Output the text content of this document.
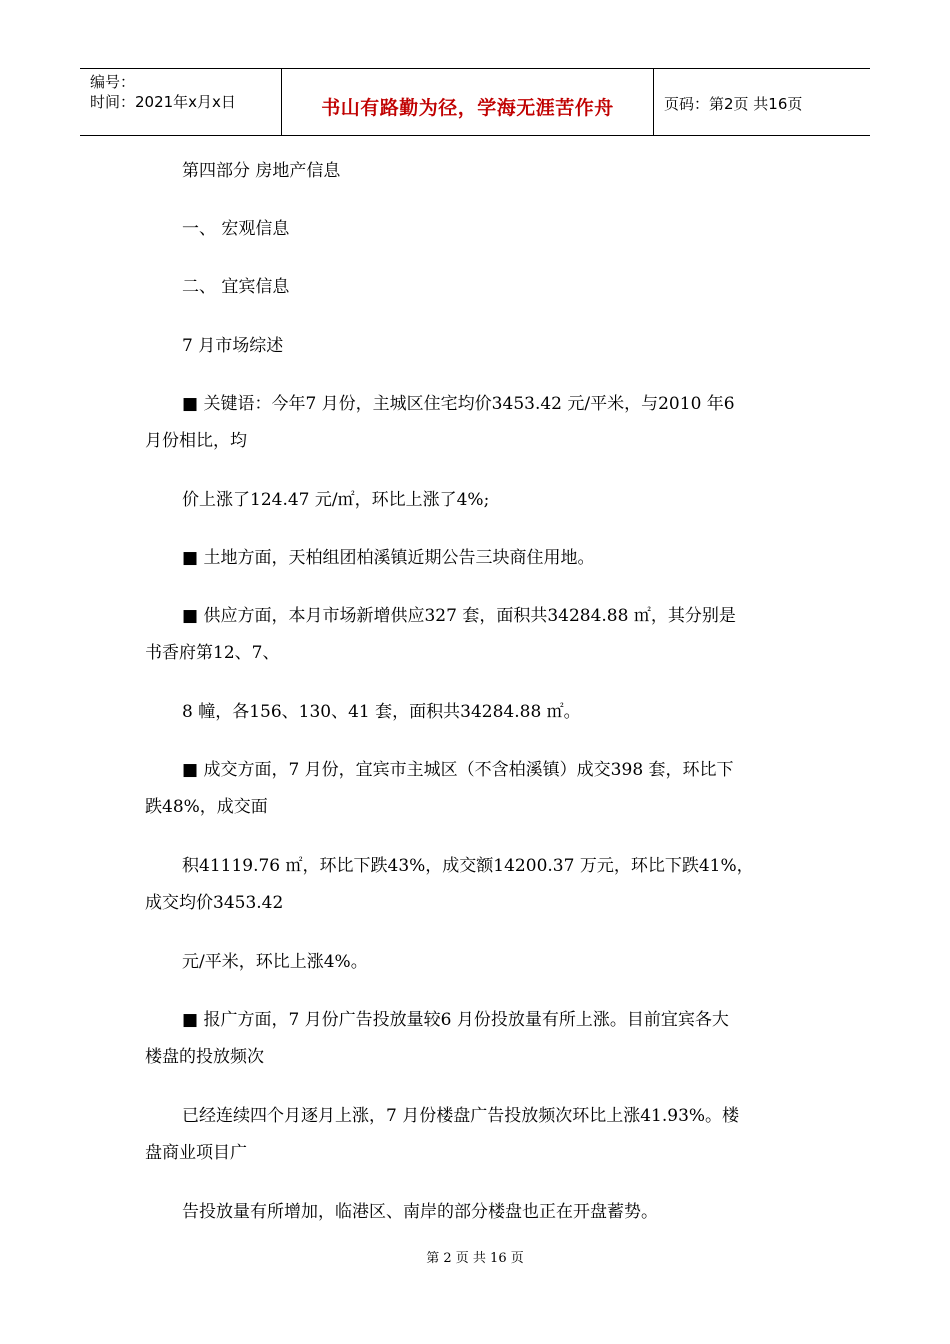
编号：
时间：2021年x月x日	书山有路勤为径，学海无涯苦作舟	页码：第2页 共16页
第四部分 房地产信息
一、 宏观信息
二、 宜宾信息
7 月市场综述
■ 关键语：今年7 月份，主城区住宅均价3453.42 元/平米，与2010 年6
月份相比，均
价上涨了124.47 元/㎡，环比上涨了4%;
■ 土地方面，天柏组团柏溪镇近期公告三块商住用地。
■ 供应方面，本月市场新增供应327 套，面积共34284.88 ㎡，其分别是
书香府第12、7、
8 幢，各156、130、41 套，面积共34284.88 ㎡。
■ 成交方面，7 月份，宜宾市主城区（不含柏溪镇）成交398 套，环比下
跌48%，成交面
积41119.76 ㎡，环比下跌43%，成交额14200.37 万元，环比下跌41%，
成交均价3453.42
元/平米，环比上涨4%。
■ 报广方面，7 月份广告投放量较6 月份投放量有所上涨。目前宜宾各大
楼盘的投放频次
已经连续四个月逐月上涨，7 月份楼盘广告投放频次环比上涨41.93%。楼
盘商业项目广
告投放量有所增加，临港区、南岸的部分楼盘也正在开盘蓄势。
第 2 页 共 16 页
